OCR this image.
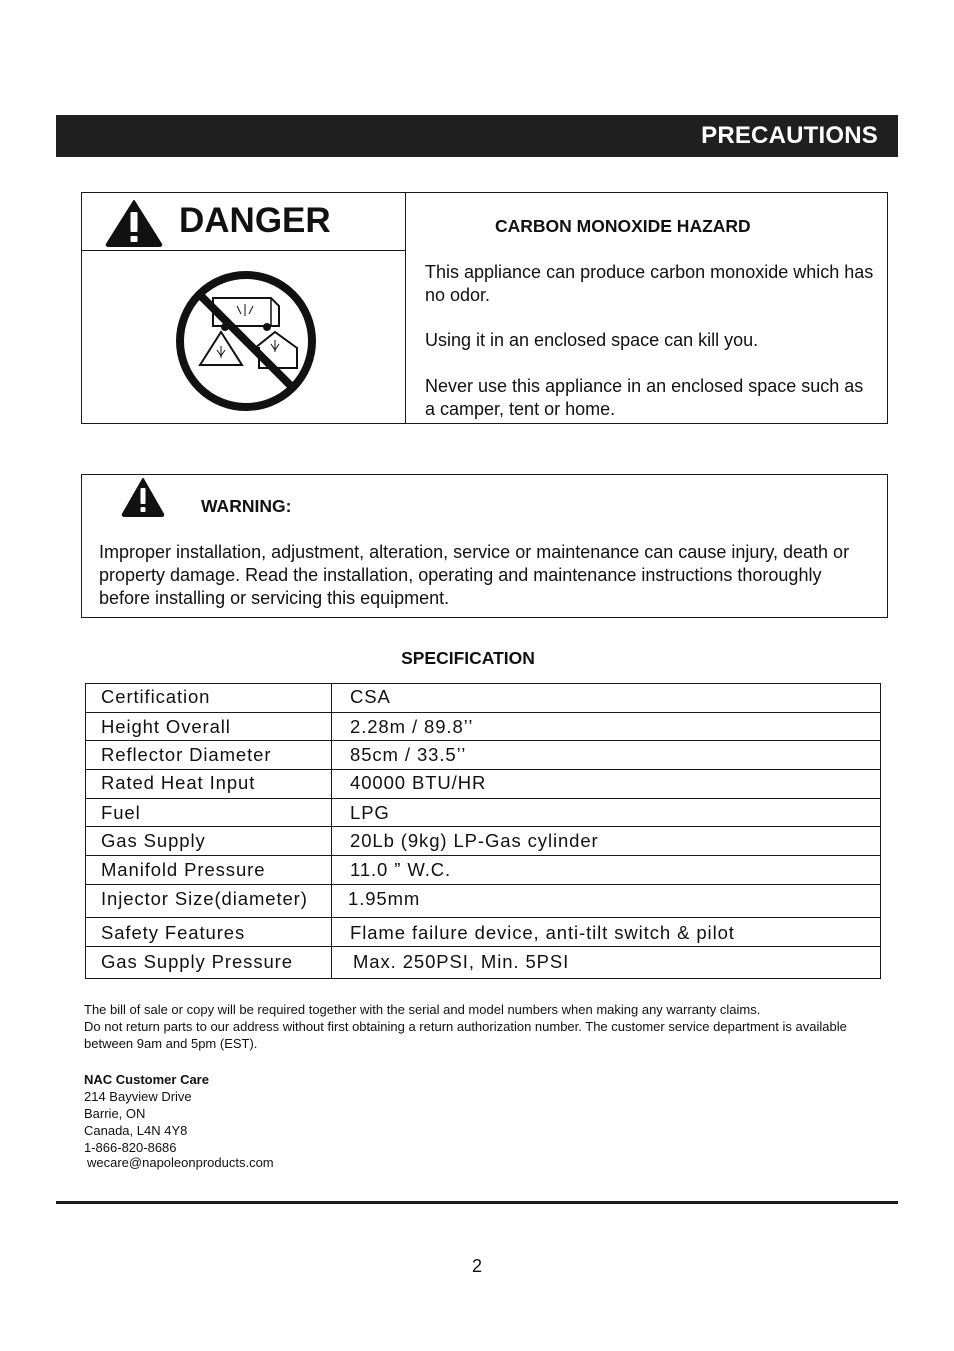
PRECAUTIONS
DANGER	CARBON MONOXIDE HAZARD
This appliance can produce carbon monoxide which has no odor.
Using it in an enclosed space can kill you.
Never use this appliance in an enclosed space such as a camper, tent or home.
WARNING:
Improper installation, adjustment, alteration, service or maintenance can cause injury, death or property damage. Read the installation, operating and maintenance instructions thoroughly before installing or servicing this equipment.
SPECIFICATION
Certification	CSA
Height Overall	2.28m / 89.8’’
Reflector Diameter	85cm / 33.5’’
Rated Heat Input	40000 BTU/HR
Fuel	LPG
Gas Supply	20Lb (9kg) LP-Gas cylinder
Manifold Pressure	11.0 ” W.C.
Injector Size(diameter)	1.95mm
Safety Features	Flame failure device, anti-tilt switch & pilot
Gas Supply Pressure	Max. 250PSI, Min. 5PSI
The bill of sale or copy will be required together with the serial and model numbers when making any warranty claims.
Do not return parts to our address without first obtaining a return authorization number. The customer service department is available between 9am and 5pm (EST).
NAC Customer Care
214 Bayview Drive
Barrie, ON
Canada, L4N 4Y8
1-866-820-8686
wecare@napoleonproducts.com
2
